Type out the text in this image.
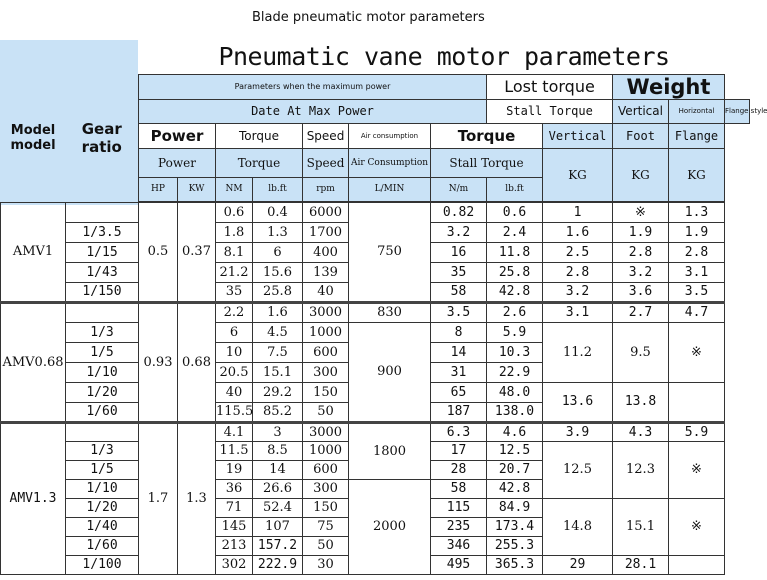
Blade pneumatic motor parameters
Pneumatic vane motor parameters

Model model	Gear ratio	Parameters when the maximum power							Lost torque		Weight		
		Date At Max Power							Stall Torque		Vertical	Horizontal	Flange style
		Power		Torque		Speed	Air consumption	Torque		Vertical	Foot	Flange	
		Power		Torque		Speed	Air Consumption	Stall Torque		KG	KG	KG	
		HP	KW	NM	lb.ft	rpm	L/MIN	N/m	lb.ft				

AMV1		0.5	0.37	0.6	0.4	6000	750	0.82	0.6	1	※	1.3	
	1/3.5			1.8	1.3	1700		3.2	2.4	1.6	1.9	1.9	
	1/15			8.1	6	400		16	11.8	2.5	2.8	2.8	
	1/43			21.2	15.6	139		35	25.8	2.8	3.2	3.1	
	1/150			35	25.8	40		58	42.8	3.2	3.6	3.5	
AMV0.68		0.93	0.68	2.2	1.6	3000	830	3.5	2.6	3.1	2.7	4.7	
	1/3			6	4.5	1000	900	8	5.9	11.2	9.5	※	
	1/5			10	7.5	600		14	10.3				
	1/10			20.5	15.1	300		31	22.9				
	1/20			40	29.2	150		65	48.0	13.6	13.8		
	1/60			115.5	85.2	50		187	138.0				
AMV1.3		1.7	1.3	4.1	3	3000	1800	6.3	4.6	3.9	4.3	5.9	
	1/3			11.5	8.5	1000		17	12.5	12.5	12.3	※	
	1/5			19	14	600		28	20.7				
	1/10			36	26.6	300	2000	58	42.8				
	1/20			71	52.4	150		115	84.9	14.8	15.1	※	
	1/40			145	107	75		235	173.4				
	1/60			213	157.2	50		346	255.3				
	1/100			302	222.9	30		495	365.3	29	28.1		
